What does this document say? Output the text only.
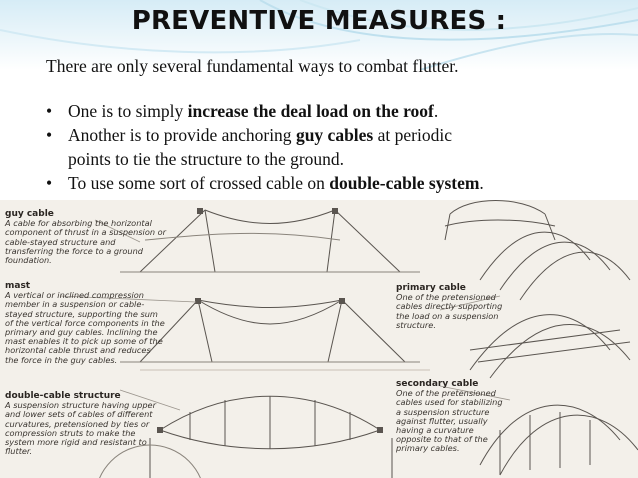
PREVENTIVE MEASURES :
There are only several fundamental ways to combat flutter.
• One is to simply increase the deal load on the roof.
• Another is to provide anchoring guy cables at periodic
points to tie the structure to the ground.
• To use some sort of crossed cable on double-cable system.
guy cable
A cable for absorbing the horizontal
component of thrust in a suspension or
cable-stayed structure and
transferring the force to a ground
foundation.
mast
A vertical or inclined compression
member in a suspension or cable-
stayed structure, supporting the sum
of the vertical force components in the
primary and guy cables. Inclining the
mast enables it to pick up some of the
horizontal cable thrust and reduces
the force in the guy cables.
double-cable structure
A suspension structure having upper
and lower sets of cables of different
curvatures, pretensioned by ties or
compression struts to make the
system more rigid and resistant to
flutter.
primary cable
One of the pretensioned
cables directly supporting
the load on a suspension
structure.
secondary cable
One of the pretensioned
cables used for stabilizing
a suspension structure
against flutter, usually
having a curvature
opposite to that of the
primary cables.
